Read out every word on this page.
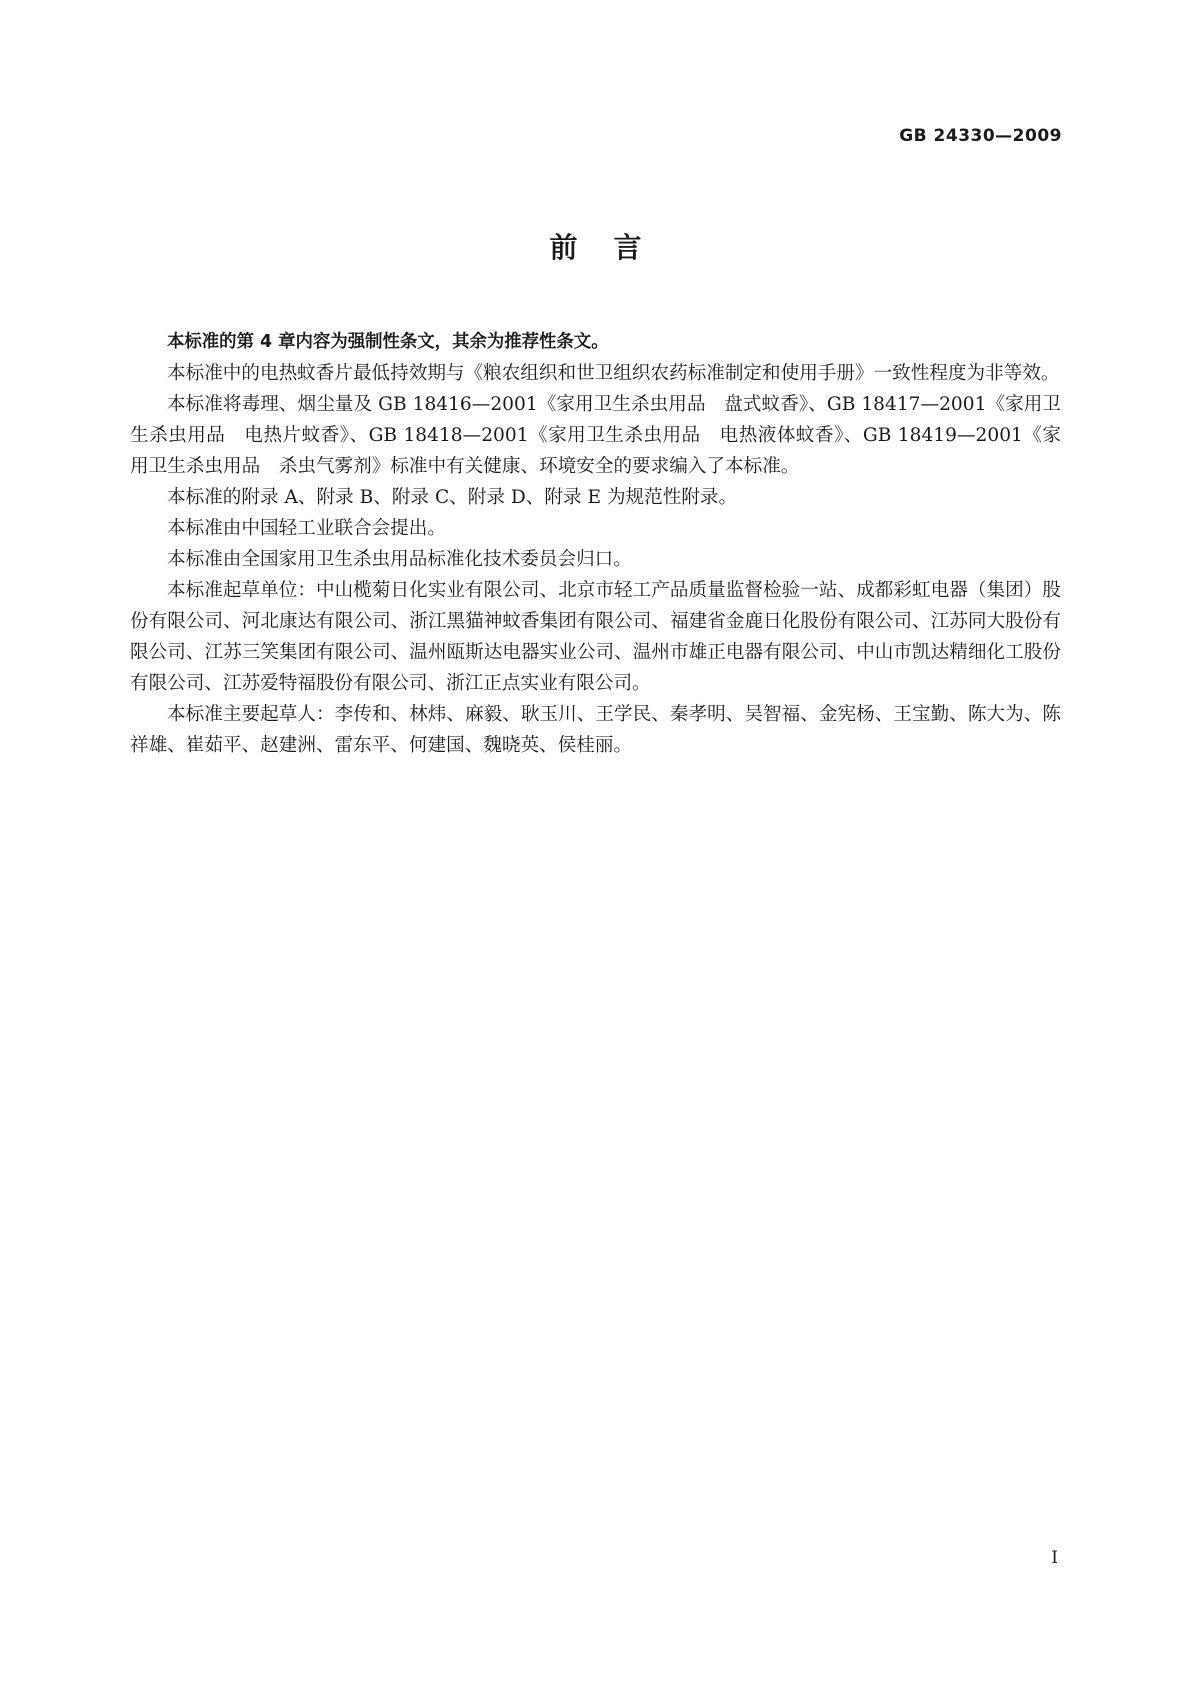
GB 24330—2009
前 言

本标准的第 4 章内容为强制性条文，其余为推荐性条文。

本标准中的电热蚊香片最低持效期与《粮农组织和世卫组织农药标准制定和使用手册》一致性程度为非等效。

本标准将毒理、烟尘量及 GB 18416—2001《家用卫生杀虫用品　盘式蚊香》、GB 18417—2001《家用卫生杀虫用品　电热片蚊香》、GB 18418—2001《家用卫生杀虫用品　电热液体蚊香》、GB 18419—2001《家用卫生杀虫用品　杀虫气雾剂》标准中有关健康、环境安全的要求编入了本标准。

本标准的附录 A、附录 B、附录 C、附录 D、附录 E 为规范性附录。

本标准由中国轻工业联合会提出。

本标准由全国家用卫生杀虫用品标准化技术委员会归口。

本标准起草单位：中山榄菊日化实业有限公司、北京市轻工产品质量监督检验一站、成都彩虹电器（集团）股份有限公司、河北康达有限公司、浙江黑猫神蚊香集团有限公司、福建省金鹿日化股份有限公司、江苏同大股份有限公司、江苏三笑集团有限公司、温州瓯斯达电器实业公司、温州市雄正电器有限公司、中山市凯达精细化工股份有限公司、江苏爱特福股份有限公司、浙江正点实业有限公司。

本标准主要起草人：李传和、林炜、麻毅、耿玉川、王学民、秦孝明、吴智福、金宪杨、王宝勤、陈大为、陈祥雄、崔茹平、赵建洲、雷东平、何建国、魏晓英、侯桂丽。

I
